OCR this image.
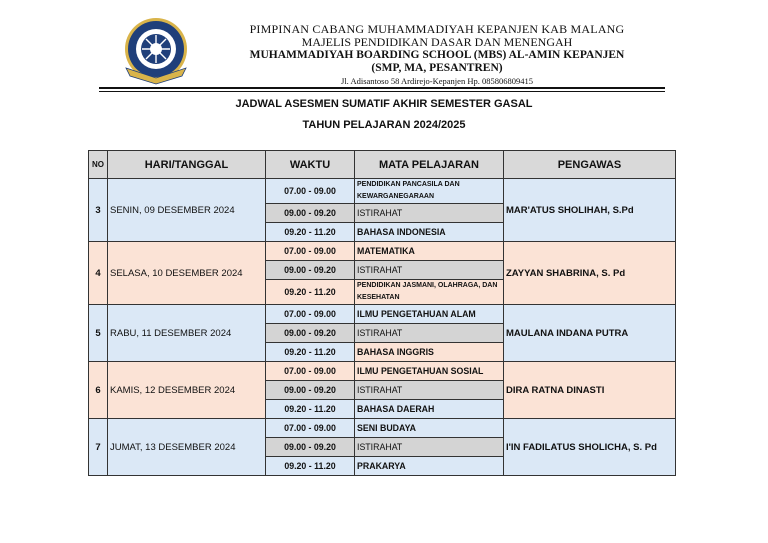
PIMPINAN CABANG MUHAMMADIYAH KEPANJEN KAB MALANG
MAJELIS PENDIDIKAN DASAR DAN MENENGAH
MUHAMMADIYAH BOARDING SCHOOL (MBS) AL-AMIN KEPANJEN
(SMP, MA, PESANTREN)
Jl. Adisantoso 58 Ardirejo-Kepanjen Hp. 085806809415
JADWAL ASESMEN SUMATIF AKHIR SEMESTER GASAL
TAHUN PELAJARAN 2024/2025
NO	HARI/TANGGAL	WAKTU	MATA PELAJARAN	PENGAWAS
3	SENIN, 09 DESEMBER 2024	07.00 - 09.00	PENDIDIKAN PANCASILA DAN KEWARGANEGARAAN	MAR'ATUS SHOLIHAH, S.Pd
		09.00 - 09.20	ISTIRAHAT	
		09.20 - 11.20	BAHASA INDONESIA	
4	SELASA, 10 DESEMBER 2024	07.00 - 09.00	MATEMATIKA	ZAYYAN SHABRINA, S. Pd
		09.00 - 09.20	ISTIRAHAT	
		09.20 - 11.20	PENDIDIKAN JASMANI, OLAHRAGA, DAN KESEHATAN	
5	RABU, 11 DESEMBER 2024	07.00 - 09.00	ILMU PENGETAHUAN ALAM	MAULANA INDANA PUTRA
		09.00 - 09.20	ISTIRAHAT	
		09.20 - 11.20	BAHASA INGGRIS	
6	KAMIS, 12 DESEMBER 2024	07.00 - 09.00	ILMU PENGETAHUAN SOSIAL	DIRA RATNA DINASTI
		09.00 - 09.20	ISTIRAHAT	
		09.20 - 11.20	BAHASA DAERAH	
7	JUMAT, 13 DESEMBER 2024	07.00 - 09.00	SENI BUDAYA	I'IN FADILATUS SHOLICHA, S. Pd
		09.00 - 09.20	ISTIRAHAT	
		09.20 - 11.20	PRAKARYA	
